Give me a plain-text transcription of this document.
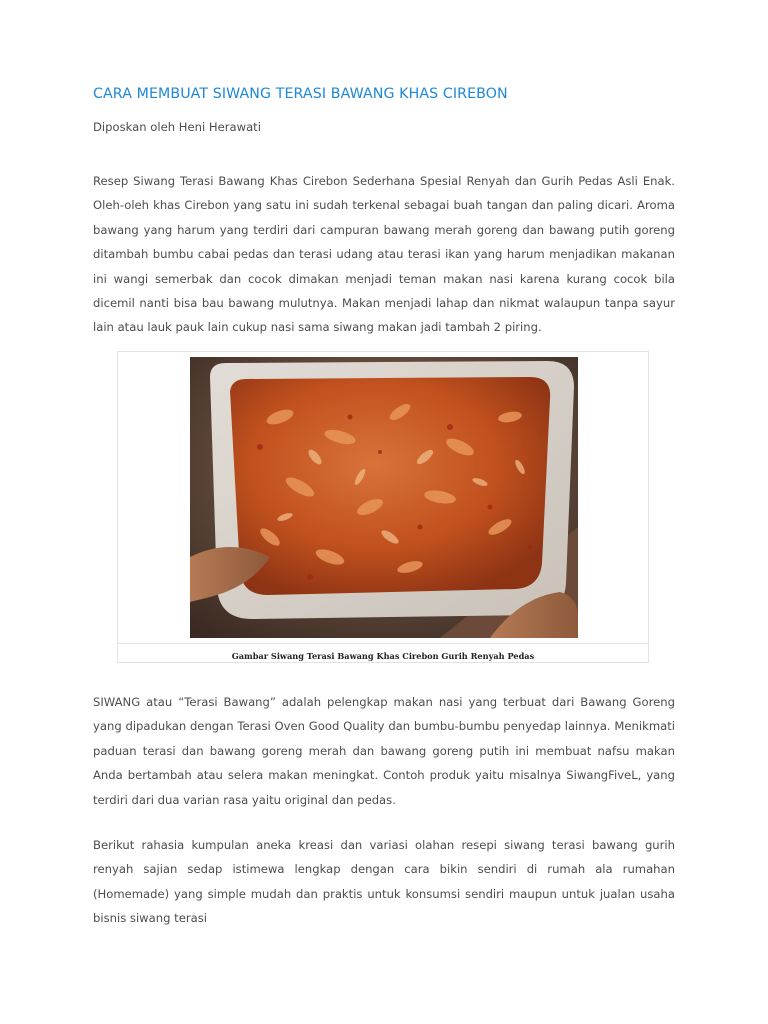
CARA MEMBUAT SIWANG TERASI BAWANG KHAS CIREBON
Diposkan oleh Heni Herawati

Resep Siwang Terasi Bawang Khas Cirebon Sederhana Spesial Renyah dan Gurih Pedas Asli Enak. Oleh-oleh khas Cirebon yang satu ini sudah terkenal sebagai buah tangan dan paling dicari. Aroma bawang yang harum yang terdiri dari campuran bawang merah goreng dan bawang putih goreng ditambah bumbu cabai pedas dan terasi udang atau terasi ikan yang harum menjadikan makanan ini wangi semerbak dan cocok dimakan menjadi teman makan nasi karena kurang cocok bila dicemil nanti bisa bau bawang mulutnya. Makan menjadi lahap dan nikmat walaupun tanpa sayur lain atau lauk pauk lain cukup nasi sama siwang makan jadi tambah 2 piring.

Gambar Siwang Terasi Bawang Khas Cirebon Gurih Renyah Pedas

SIWANG atau “Terasi Bawang” adalah pelengkap makan nasi yang terbuat dari Bawang Goreng yang dipadukan dengan Terasi Oven Good Quality dan bumbu-bumbu penyedap lainnya. Menikmati paduan terasi dan bawang goreng merah dan bawang goreng putih ini membuat nafsu makan Anda bertambah atau selera makan meningkat. Contoh produk yaitu misalnya SiwangFiveL, yang terdiri dari dua varian rasa yaitu original dan pedas.

Berikut rahasia kumpulan aneka kreasi dan variasi olahan resepi siwang terasi bawang gurih renyah sajian sedap istimewa lengkap dengan cara bikin sendiri di rumah ala rumahan (Homemade) yang simple mudah dan praktis untuk konsumsi sendiri maupun untuk jualan usaha bisnis siwang terasi
